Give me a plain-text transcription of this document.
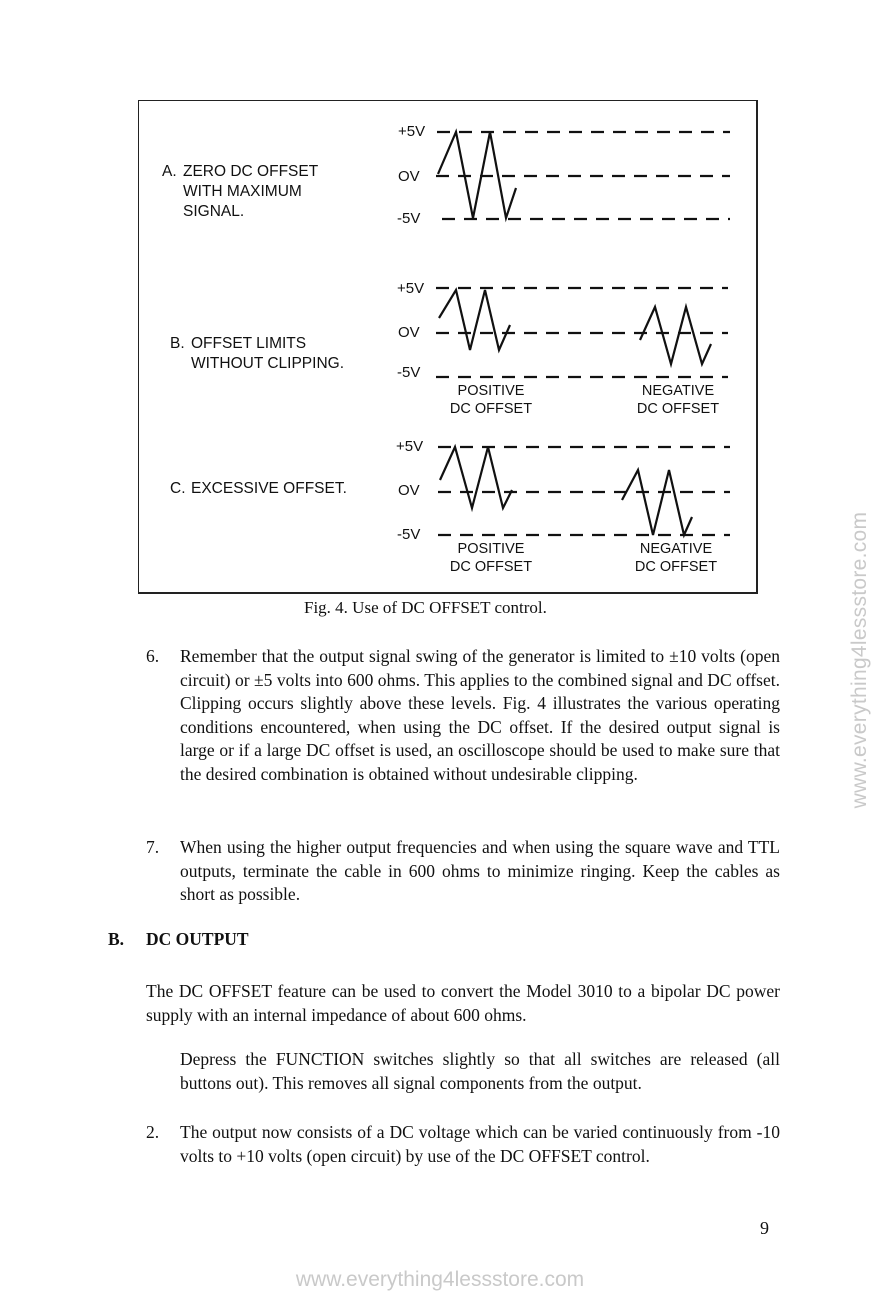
A. ZERO DC OFFSET
WITH MAXIMUM
SIGNAL.

B. OFFSET LIMITS
WITHOUT CLIPPING.

C. EXCESSIVE OFFSET.

+5V
OV
-5V
+5V
OV
-5V
+5V
OV
-5V
POSITIVE
DC OFFSET
NEGATIVE
DC OFFSET
POSITIVE
DC OFFSET
NEGATIVE
DC OFFSET
Fig. 4. Use of DC OFFSET control.
6. Remember that the output signal swing of the generator is limited to ±10 volts (open circuit) or ±5 volts into 600 ohms. This applies to the combined signal and DC offset. Clipping occurs slightly above these levels. Fig. 4 illustrates the various operating conditions encountered, when using the DC offset. If the desired output signal is large or if a large DC offset is used, an oscilloscope should be used to make sure that the desired combination is obtained without undesirable clipping.
7. When using the higher output frequencies and when using the square wave and TTL outputs, terminate the cable in 600 ohms to minimize ringing. Keep the cables as short as possible.
B. DC OUTPUT
The DC OFFSET feature can be used to convert the Model 3010 to a bipolar DC power supply with an internal impedance of about 600 ohms.
Depress the FUNCTION switches slightly so that all switches are released (all buttons out). This removes all signal components from the output.
2. The output now consists of a DC voltage which can be varied continuously from -10 volts to +10 volts (open circuit) by use of the DC OFFSET control.
9
www.everything4lessstore.com
www.everything4lessstore.com
